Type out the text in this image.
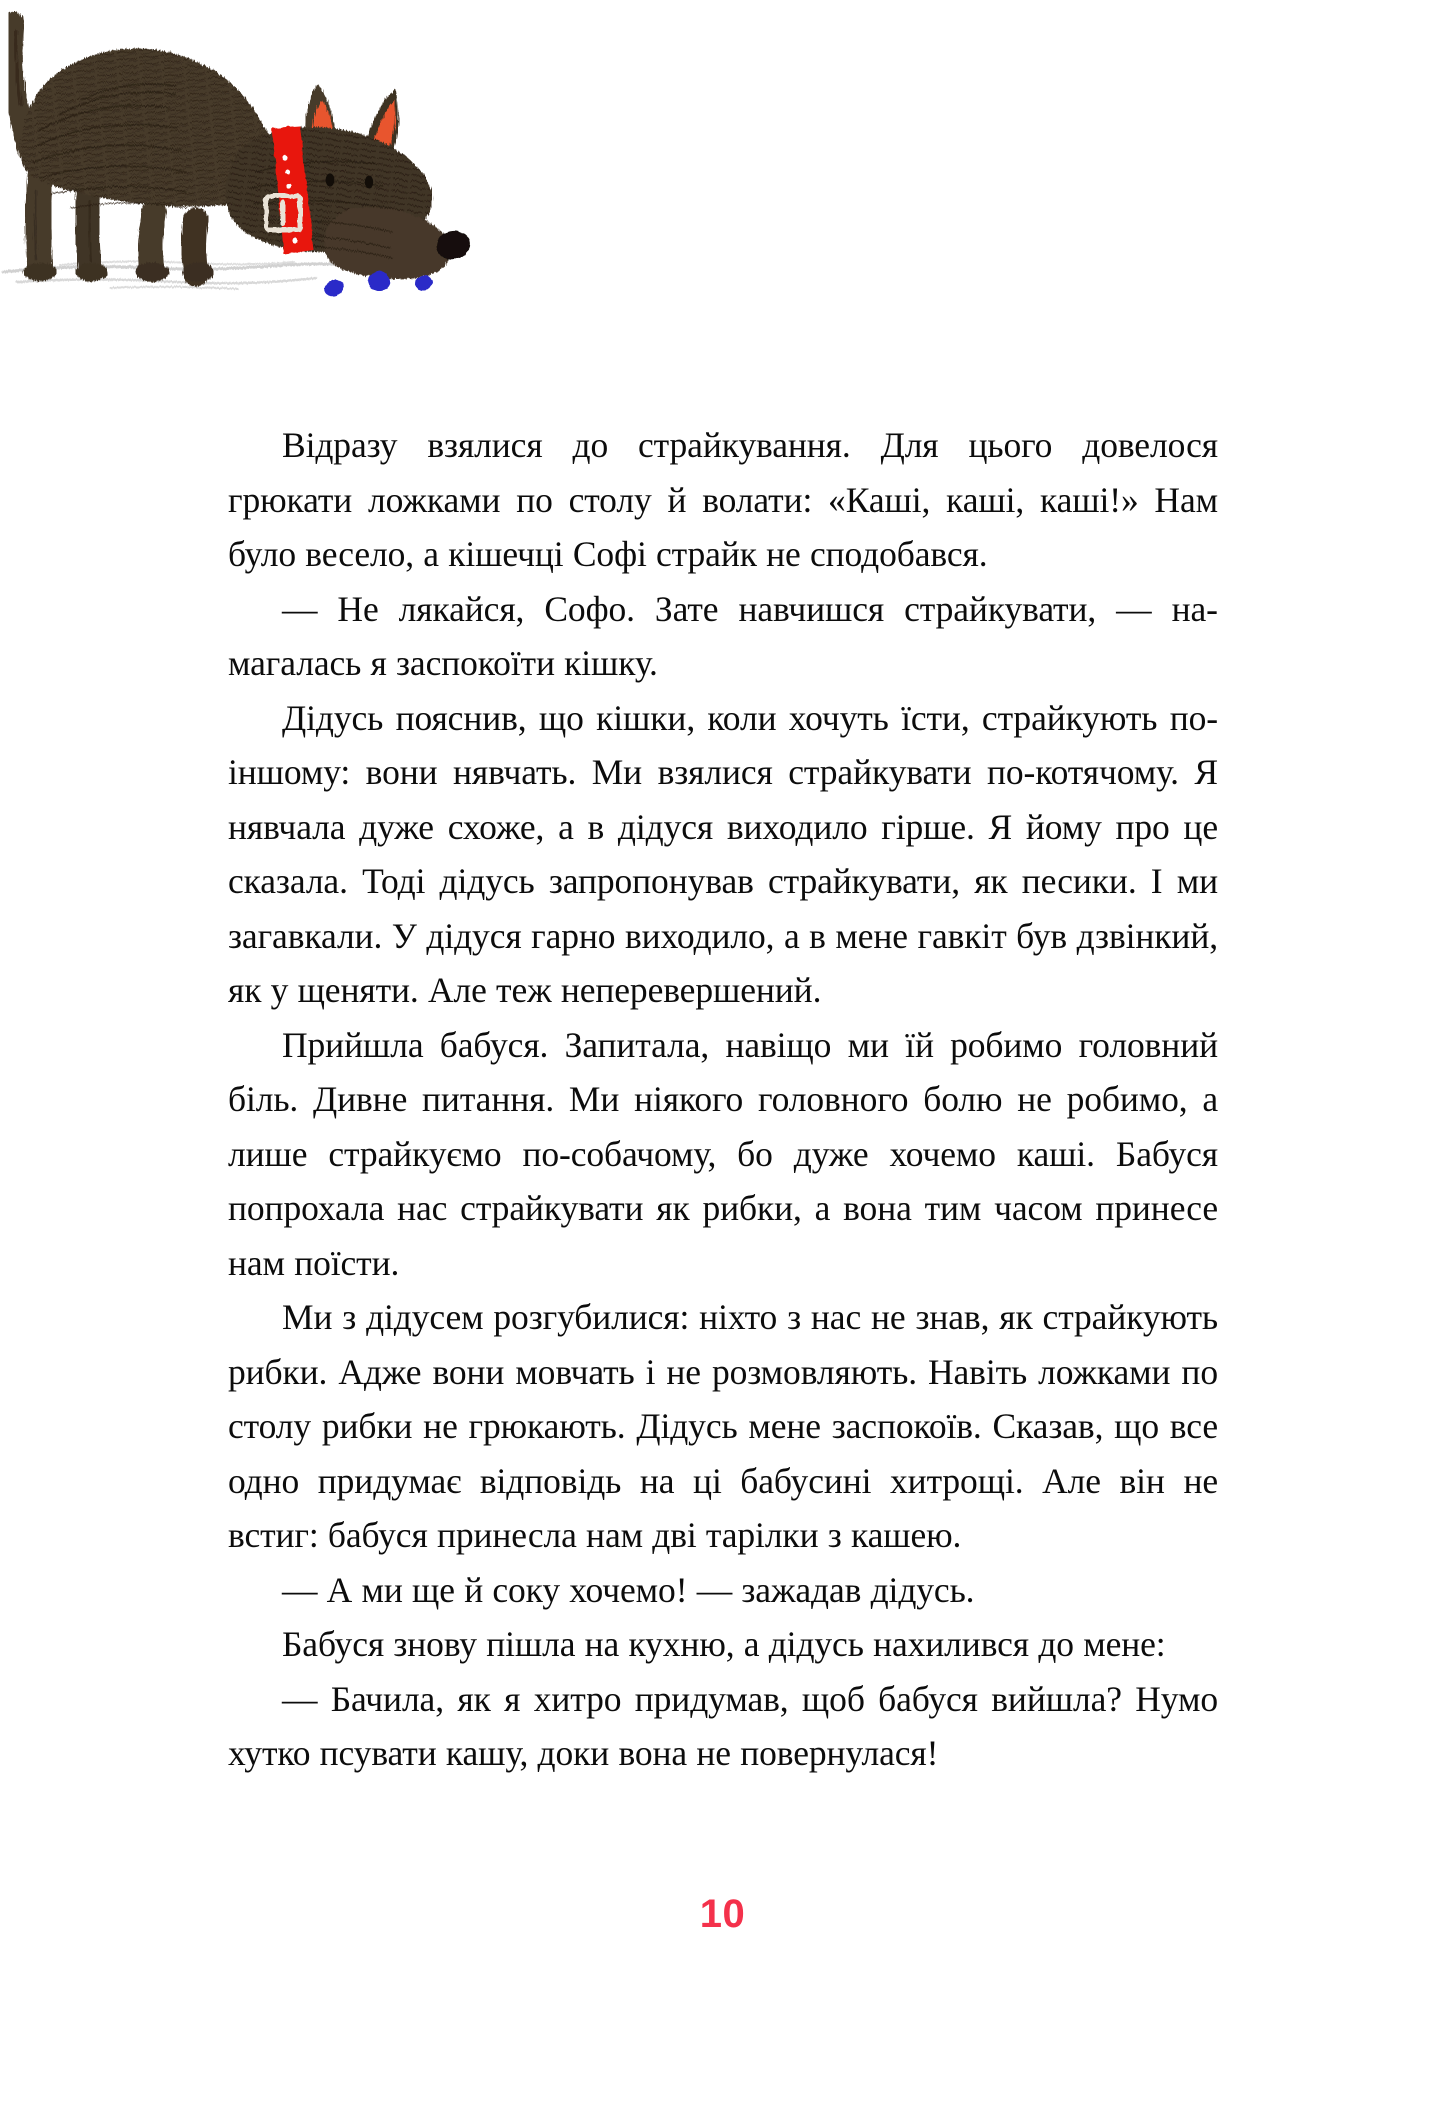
Відразу взялися до страйкування. Для цього довелося грюкати ложками по столу й волати: «Каші, каші, каші!» Нам було весело, а кішечці Софі страйк не сподобався.

— Не лякайся, Софо. Зате навчишся страйкувати, — намагалась я заспокоїти кішку.

Дідусь пояснив, що кішки, коли хочуть їсти, страйкують по-іншому: вони нявчать. Ми взялися страйкувати по-котячому. Я нявчала дуже схоже, а в дідуся виходило гірше. Я йому про це сказала. Тоді дідусь запропонував страйкувати, як песики. І ми загавкали. У дідуся гарно виходило, а в мене гавкіт був дзвінкий, як у щеняти. Але теж неперевершений.

Прийшла бабуся. Запитала, навіщо ми їй робимо головний біль. Дивне питання. Ми ніякого головного болю не робимо, а лише страйкуємо по-собачому, бо дуже хочемо каші. Бабуся попрохала нас страйкувати як рибки, а вона тим часом принесе нам поїсти.

Ми з дідусем розгубилися: ніхто з нас не знав, як страйкують рибки. Адже вони мовчать і не розмовляють. Навіть ложками по столу рибки не грюкають. Дідусь мене заспокоїв. Сказав, що все одно придумає відповідь на ці бабусині хитрощі. Але він не встиг: бабуся принесла нам дві тарілки з кашею.

— А ми ще й соку хочемо! — зажадав дідусь.

Бабуся знову пішла на кухню, а дідусь нахилився до мене:

— Бачила, як я хитро придумав, щоб бабуся вийшла? Нумо хутко псувати кашу, доки вона не повернулася!

10
